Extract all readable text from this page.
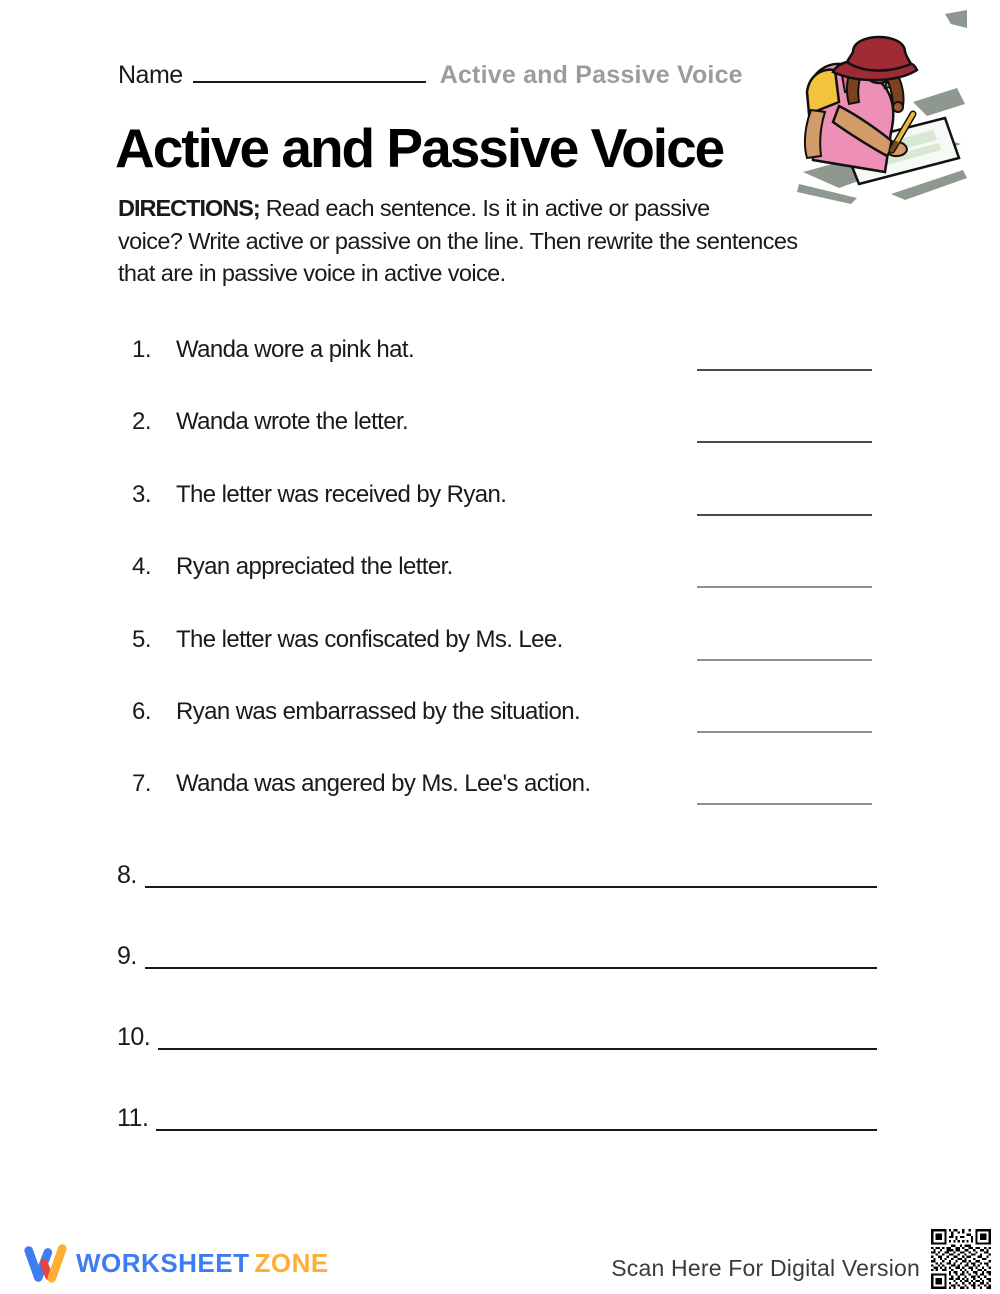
Name	Active and Passive Voice
Active and Passive Voice

DIRECTIONS; Read each sentence. Is it in active or passive
voice? Write active or passive on the line. Then rewrite the sentences
that are in passive voice in active voice.

1. Wanda wore a pink hat.
2. Wanda wrote the letter.
3. The letter was received by Ryan.
4. Ryan appreciated the letter.
5. The letter was confiscated by Ms. Lee.
6. Ryan was embarrassed by the situation.
7. Wanda was angered by Ms. Lee's action.
8.
9.
10.
11.
WORKSHEET ZONE	Scan Here For Digital Version
